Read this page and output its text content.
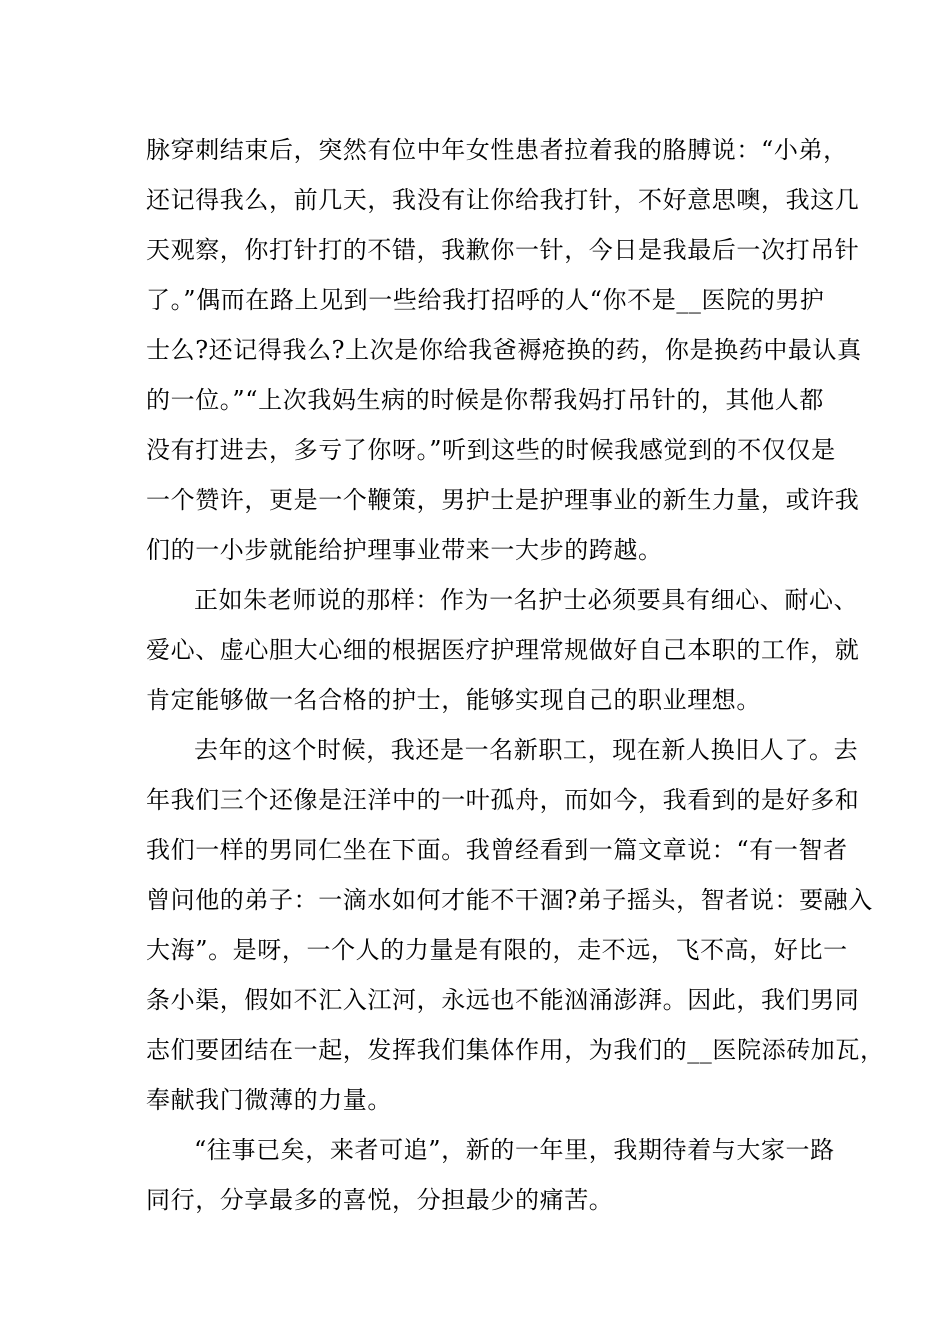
脉穿刺结束后，突然有位中年女性患者拉着我的胳膊说：“小弟，
还记得我么，前几天，我没有让你给我打针，不好意思噢，我这几
天观察，你打针打的不错，我歉你一针，今日是我最后一次打吊针
了。”偶而在路上见到一些给我打招呼的人“你不是__医院的男护
士么?还记得我么?上次是你给我爸褥疮换的药，你是换药中最认真
的一位。”“上次我妈生病的时候是你帮我妈打吊针的，其他人都
没有打进去，多亏了你呀。”听到这些的时候我感觉到的不仅仅是
一个赞许，更是一个鞭策，男护士是护理事业的新生力量，或许我
们的一小步就能给护理事业带来一大步的跨越。
正如朱老师说的那样：作为一名护士必须要具有细心、耐心、
爱心、虚心胆大心细的根据医疗护理常规做好自己本职的工作，就
肯定能够做一名合格的护士，能够实现自己的职业理想。
去年的这个时候，我还是一名新职工，现在新人换旧人了。去
年我们三个还像是汪洋中的一叶孤舟，而如今，我看到的是好多和
我们一样的男同仁坐在下面。我曾经看到一篇文章说：“有一智者
曾问他的弟子：一滴水如何才能不干涸?弟子摇头，智者说：要融入
大海”。是呀，一个人的力量是有限的，走不远，飞不高，好比一
条小渠，假如不汇入江河，永远也不能汹涌澎湃。因此，我们男同
志们要团结在一起，发挥我们集体作用，为我们的__医院添砖加瓦，
奉献我门微薄的力量。
“往事已矣，来者可追”，新的一年里，我期待着与大家一路
同行，分享最多的喜悦，分担最少的痛苦。
